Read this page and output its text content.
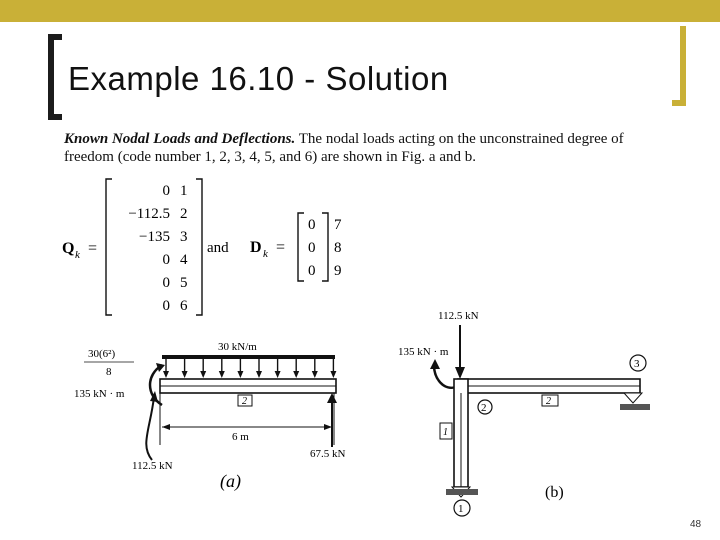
Example 16.10 - Solution
Known Nodal Loads and Deflections. The nodal loads acting on the unconstrained degree of freedom (code number 1, 2, 3, 4, 5, and 6) are shown in Fig. a and b.
Q k =
0
−112.5
−135
0
0
0
1
2
3
4
5
6
and D k =
0
0
0
7
8
9
30(6²)
8
135 kN · m
30 kN/m
2
6 m
112.5 kN
67.5 kN
(a)
112.5 kN
135 kN · m
2
1
2
3
1
(b)
48
